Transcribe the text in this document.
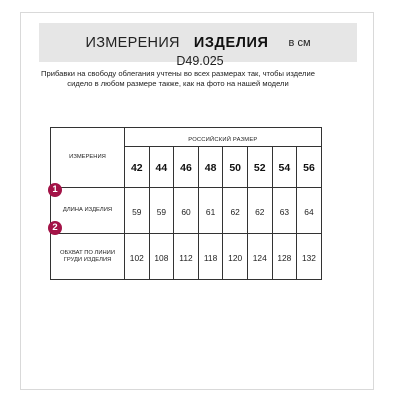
ИЗМЕРЕНИЯ ИЗДЕЛИЯ в см
D49.025
Прибавки на свободу облегания учтены во всех размерах так, чтобы изделие сидело в любом размере также, как на фото на нашей модели
ИЗМЕРЕНИЯ	РОССИЙСКИЙ РАЗМЕР							
	42	44	46	48	50	52	54	56
ДЛИНА ИЗДЕЛИЯ	59	59	60	61	62	62	63	64
ОБХВАТ ПО ЛИНИИ ГРУДИ ИЗДЕЛИЯ	102	108	112	118	120	124	128	132
1
2
